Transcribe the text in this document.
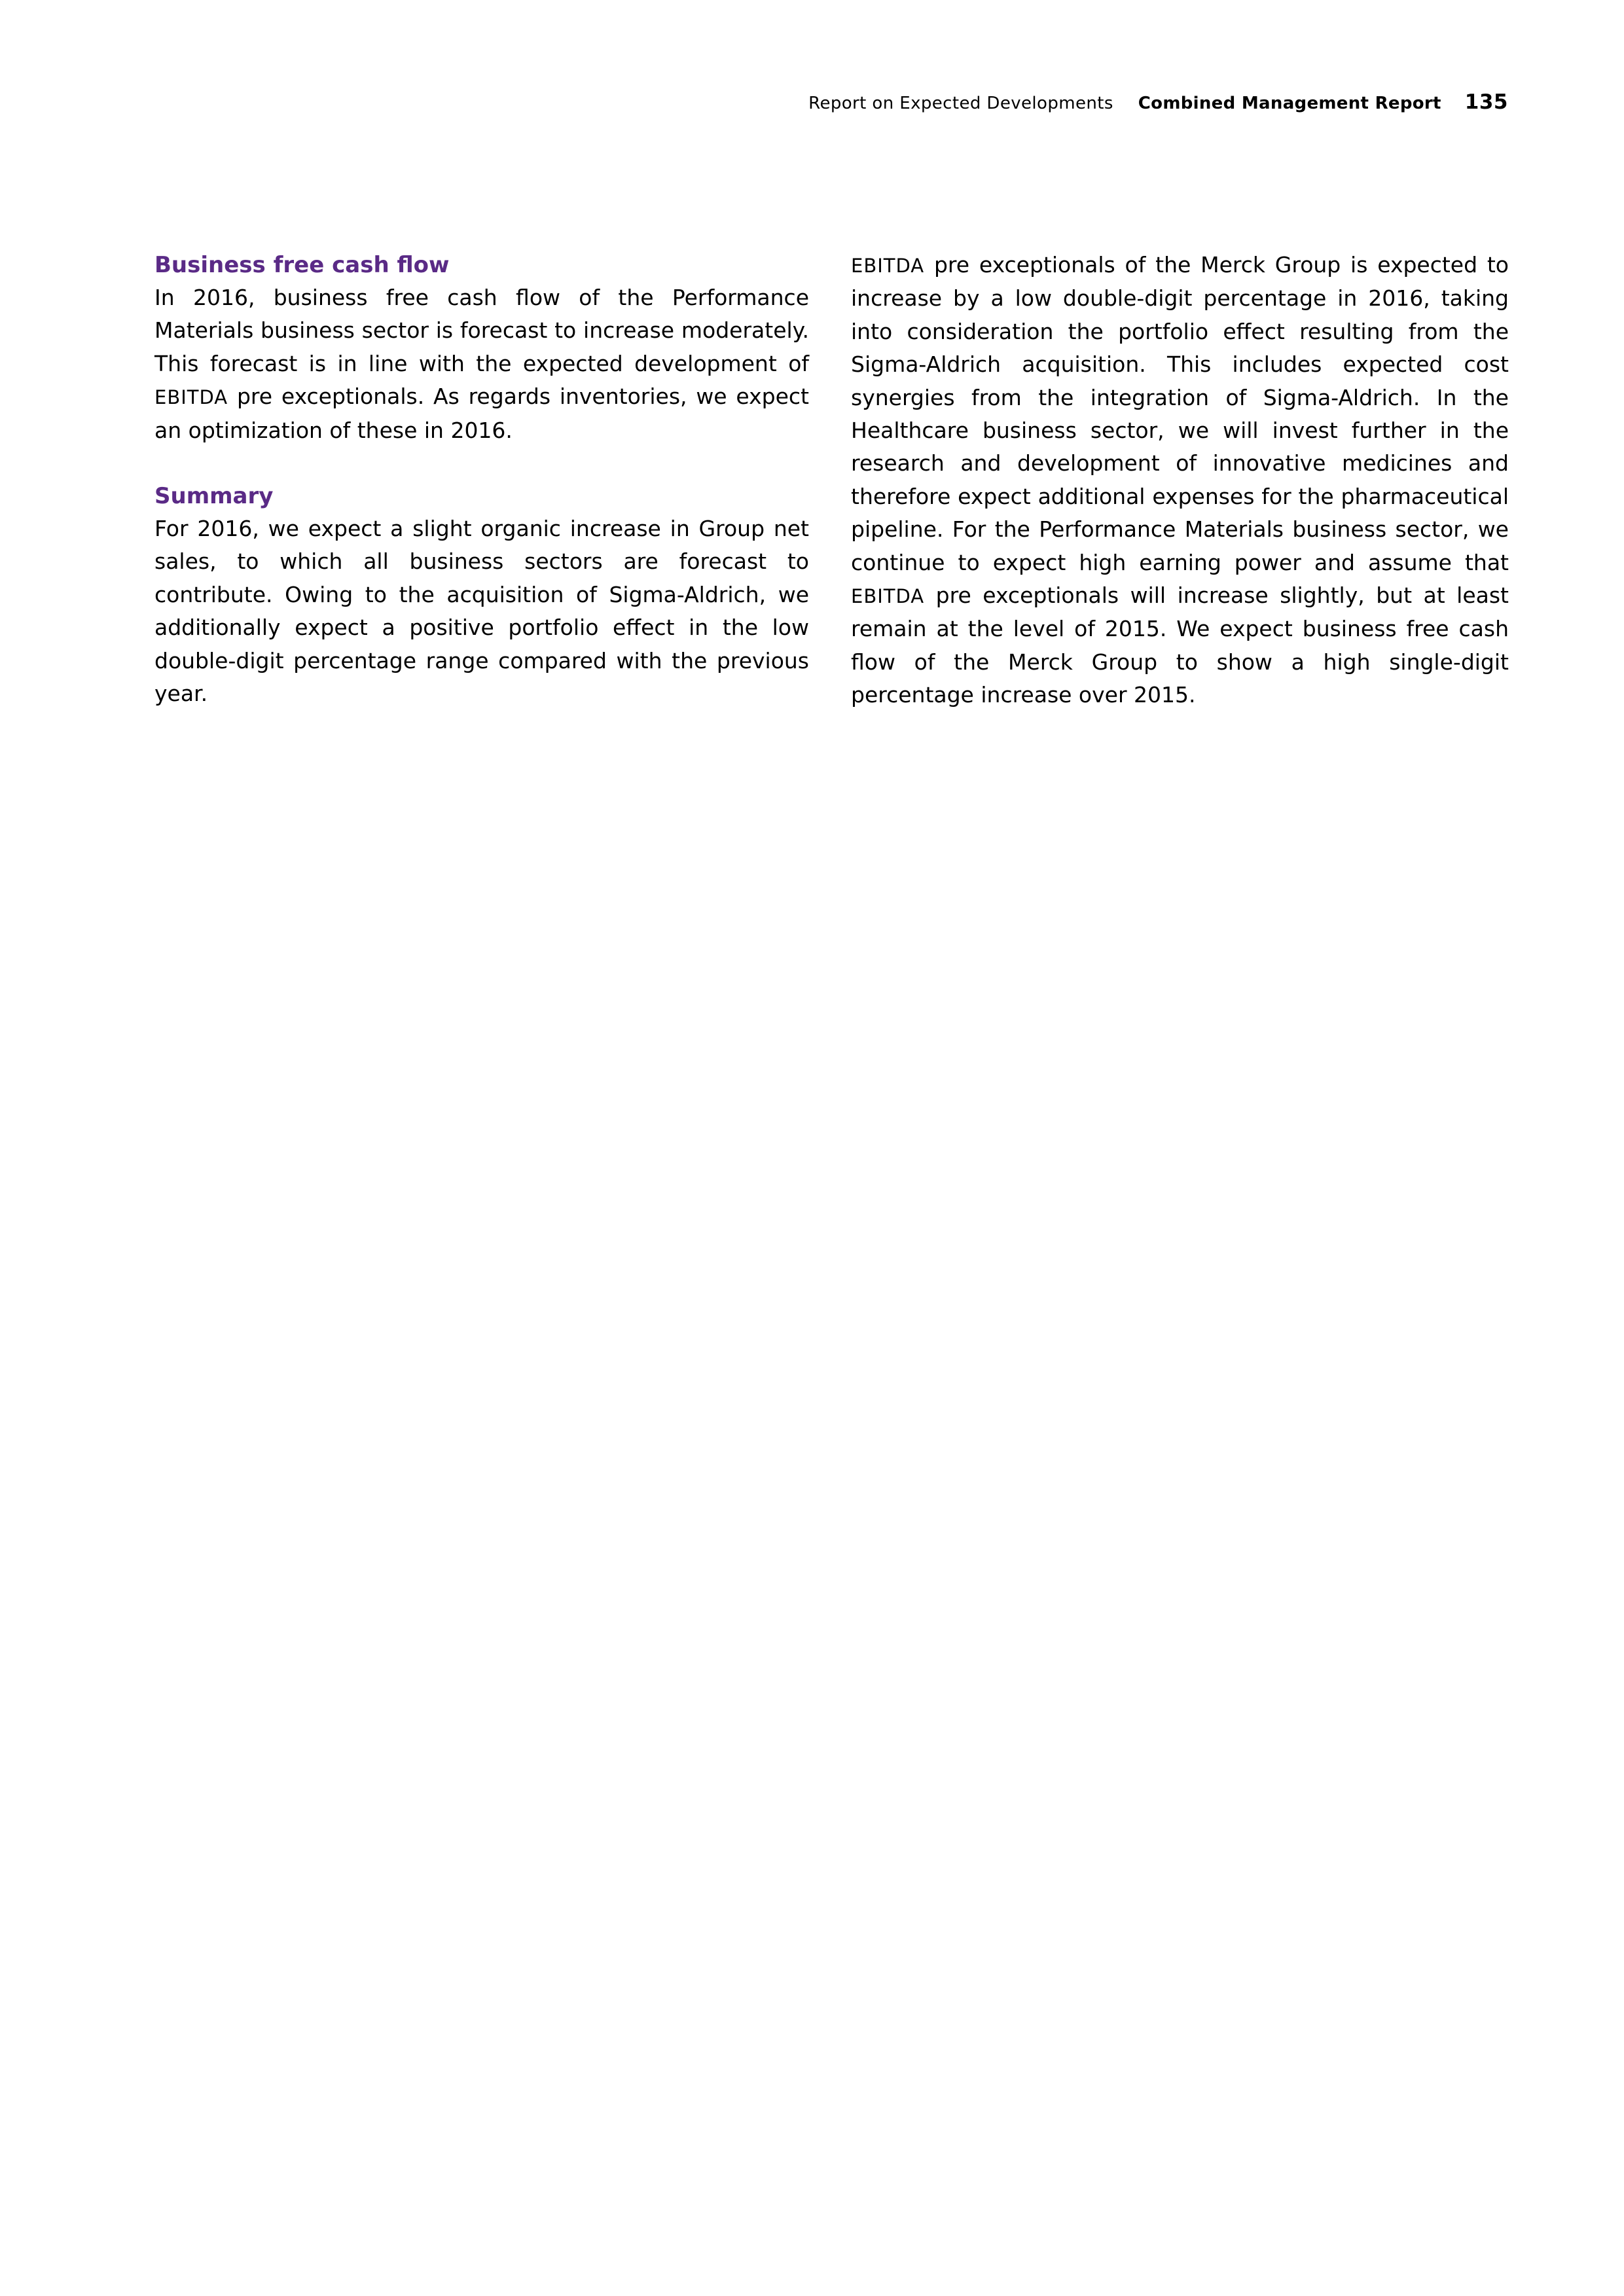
Report on Expected Developments Combined Management Report 135
Business free cash flow

In 2016, business free cash flow of the Performance Materials business sector is forecast to increase moderately. This forecast is in line with the expected development of EBITDA pre exceptionals. As regards inventories, we expect an optimization of these in 2016.

Summary

For 2016, we expect a slight organic increase in Group net sales, to which all business sectors are forecast to contribute. Owing to the acquisition of Sigma-Aldrich, we additionally expect a positive portfolio effect in the low double-digit percentage range compared with the previous year.

EBITDA pre exceptionals of the Merck Group is expected to increase by a low double-digit percentage in 2016, taking into consideration the portfolio effect resulting from the Sigma-Aldrich acquisition. This includes expected cost synergies from the integration of Sigma-Aldrich. In the Healthcare business sector, we will invest further in the research and development of innovative medicines and therefore expect additional expenses for the pharmaceutical pipeline. For the Performance Materials business sector, we continue to expect high earning power and assume that EBITDA pre exceptionals will increase slightly, but at least remain at the level of 2015. We expect business free cash flow of the Merck Group to show a high single-digit percentage increase over 2015.
